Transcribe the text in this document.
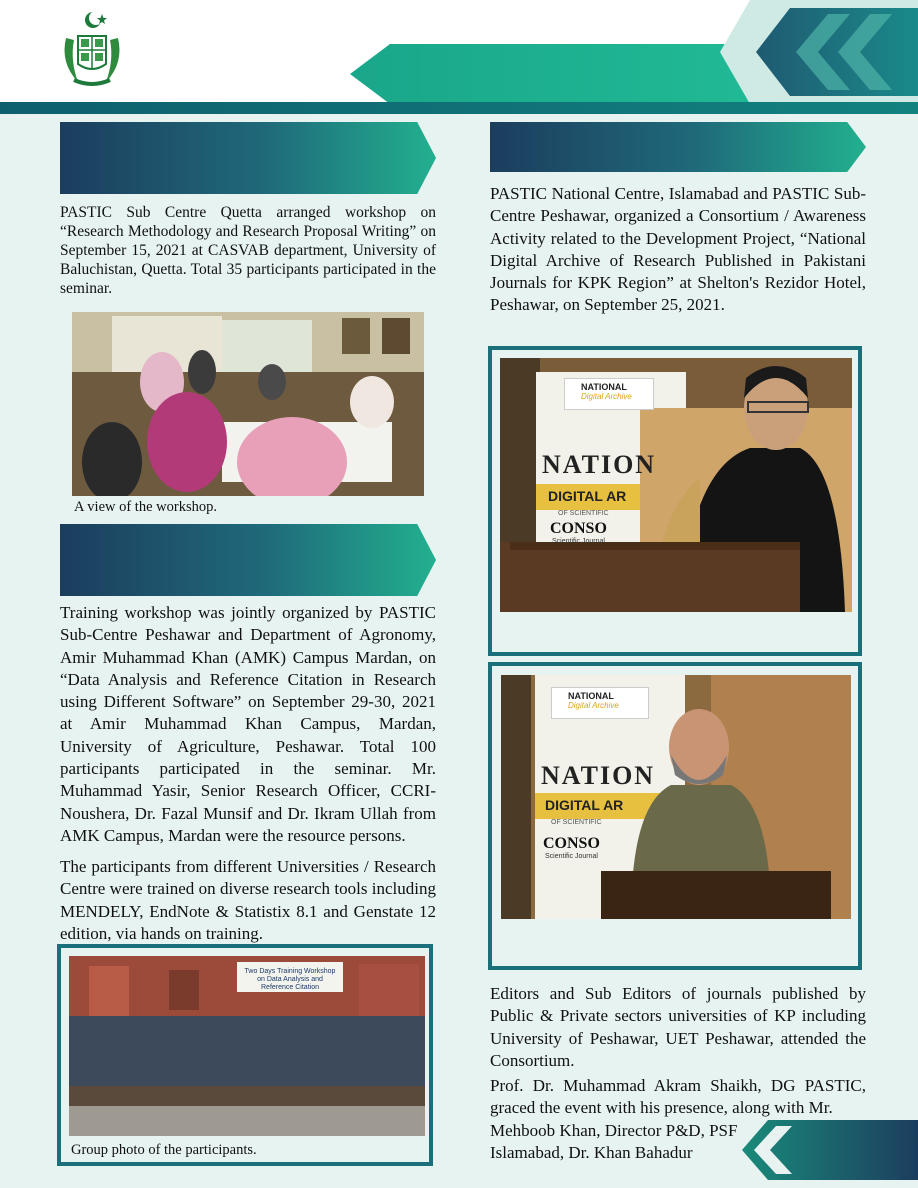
PASTIC Sub Centre Quetta arranged workshop on “Research Methodology and Research Proposal Writing” on September 15, 2021 at CASVAB department, University of Baluchistan, Quetta. Total 35 participants participated in the seminar.

A view of the workshop.

Training workshop was jointly organized by PASTIC Sub-Centre Peshawar and Department of Agronomy, Amir Muhammad Khan (AMK) Campus Mardan, on “Data Analysis and Reference Citation in Research using Different Software” on September 29-30, 2021 at Amir Muhammad Khan Campus, Mardan, University of Agriculture, Peshawar. Total 100 participants participated in the seminar. Mr. Muhammad Yasir, Senior Research Officer, CCRI-Noushera, Dr. Fazal Munsif and Dr. Ikram Ullah from AMK Campus, Mardan were the resource persons.

The participants from different Universities / Research Centre were trained on diverse research tools including MENDELY, EndNote & Statistix 8.1 and Genstate 12 edition, via hands on training.

Two Days Training Workshop on Data Analysis and Reference Citation
Group photo of the participants.

PASTIC National Centre, Islamabad and PASTIC Sub-Centre Peshawar, organized a Consortium / Awareness Activity related to the Development Project, “National Digital Archive of Research Published in Pakistani Journals for KPK Region” at Shelton's Rezidor Hotel, Peshawar, on September 25, 2021.

NATIONAL
Digital Archive
NATION
DIGITAL AR
OF SCIENTIFIC
CONSO
Scientific Journal
NATIONAL
Digital Archive
NATION
DIGITAL AR
OF SCIENTIFIC
CONSO
Scientific Journal

Editors and Sub Editors of journals published by Public & Private sectors universities of KP including University of Peshawar, UET Peshawar, attended the Consortium.

Prof. Dr. Muhammad Akram Shaikh, DG PASTIC, graced the event with his presence, along with Mr.

Mehboob Khan, Director P&D, PSF
Islamabad, Dr. Khan Bahadur
